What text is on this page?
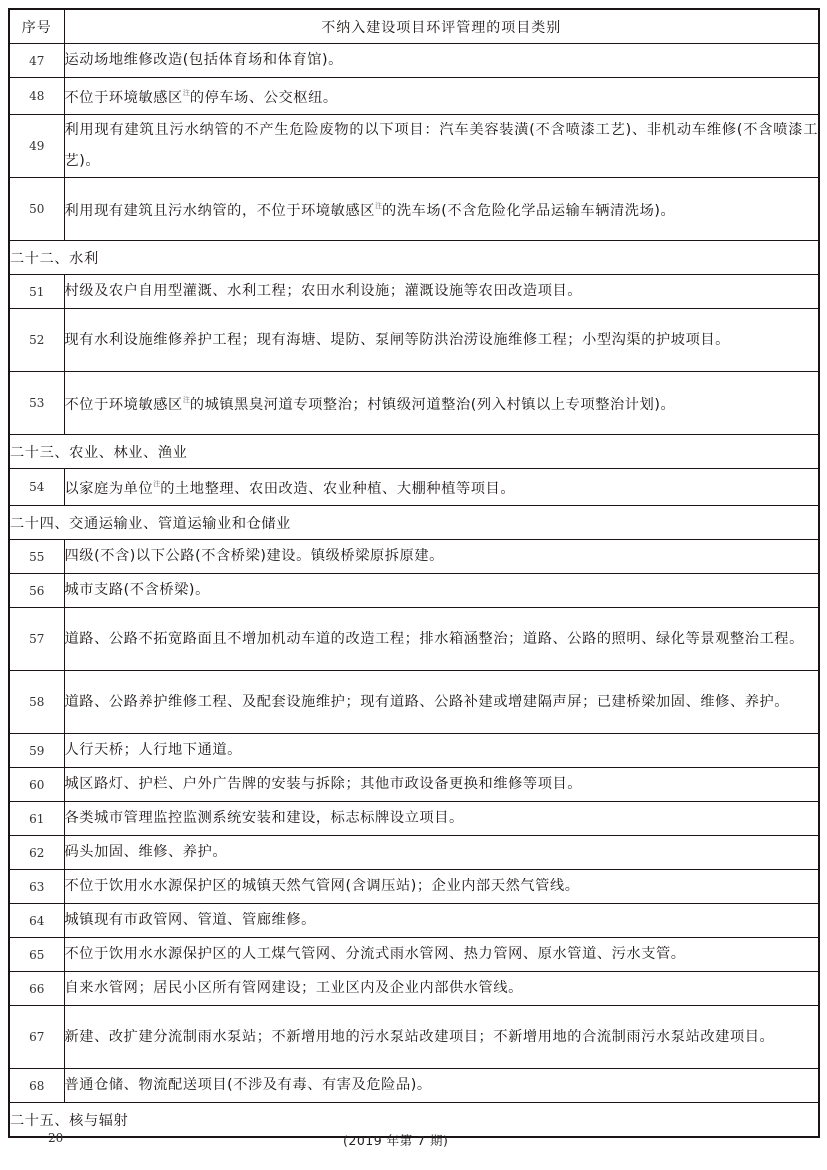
序号	不纳入建设项目环评管理的项目类别
47	运动场地维修改造(包括体育场和体育馆)。
48	不位于环境敏感区$^注$的停车场、公交枢纽。
49	利用现有建筑且污水纳管的不产生危险废物的以下项目：汽车美容装潢(不含喷漆工艺)、非机动车维修(不含喷漆工艺)。
50	利用现有建筑且污水纳管的，不位于环境敏感区$^注$的洗车场(不含危险化学品运输车辆清洗场)。
二十二、水利	
51	村级及农户自用型灌溉、水利工程；农田水利设施；灌溉设施等农田改造项目。
52	现有水利设施维修养护工程；现有海塘、堤防、泵闸等防洪治涝设施维修工程；小型沟渠的护坡项目。
53	不位于环境敏感区$^注$的城镇黑臭河道专项整治；村镇级河道整治(列入村镇以上专项整治计划)。
二十三、农业、林业、渔业	
54	以家庭为单位$^注$的土地整理、农田改造、农业种植、大棚种植等项目。
二十四、交通运输业、管道运输业和仓储业	
55	四级(不含)以下公路(不含桥梁)建设。镇级桥梁原拆原建。
56	城市支路(不含桥梁)。
57	道路、公路不拓宽路面且不增加机动车道的改造工程；排水箱涵整治；道路、公路的照明、绿化等景观整治工程。
58	道路、公路养护维修工程、及配套设施维护；现有道路、公路补建或增建隔声屏；已建桥梁加固、维修、养护。
59	人行天桥；人行地下通道。
60	城区路灯、护栏、户外广告牌的安装与拆除；其他市政设备更换和维修等项目。
61	各类城市管理监控监测系统安装和建设，标志标牌设立项目。
62	码头加固、维修、养护。
63	不位于饮用水水源保护区的城镇天然气管网(含调压站)；企业内部天然气管线。
64	城镇现有市政管网、管道、管廊维修。
65	不位于饮用水水源保护区的人工煤气管网、分流式雨水管网、热力管网、原水管道、污水支管。
66	自来水管网；居民小区所有管网建设；工业区内及企业内部供水管线。
67	新建、改扩建分流制雨水泵站；不新增用地的污水泵站改建项目；不新增用地的合流制雨污水泵站改建项目。
68	普通仓储、物流配送项目(不涉及有毒、有害及危险品)。
二十五、核与辐射	
20	(2019 年第 7 期)
